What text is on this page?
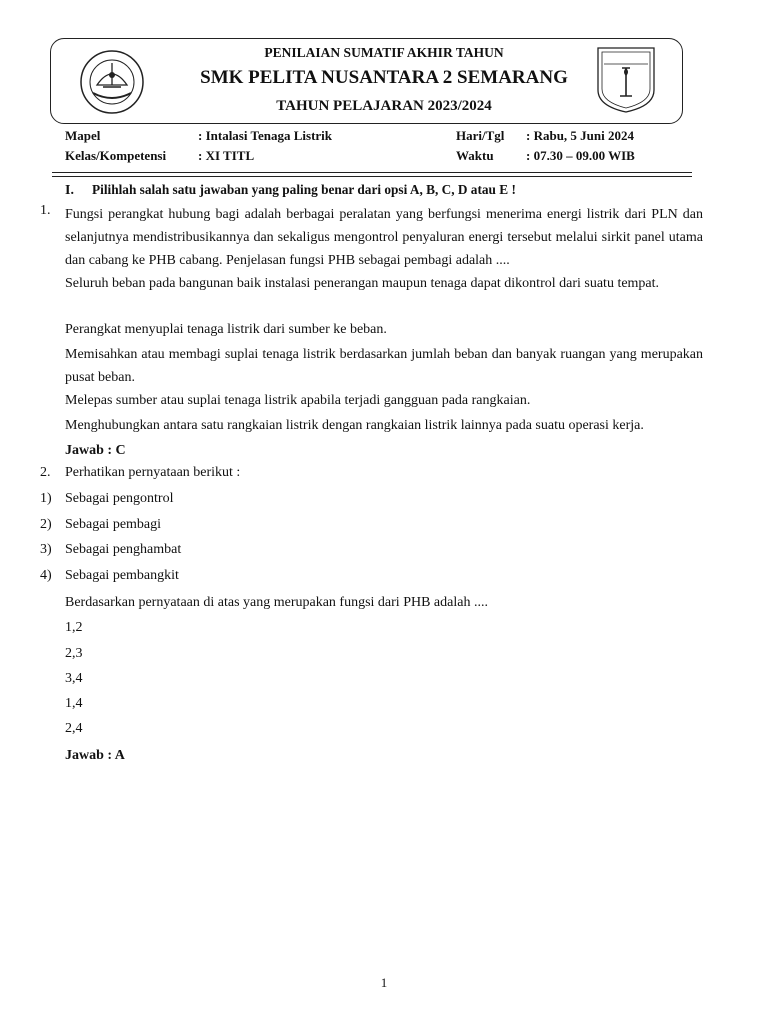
PENILAIAN SUMATIF AKHIR TAHUN
SMK PELITA NUSANTARA 2 SEMARANG
TAHUN PELAJARAN 2023/2024
Mapel	: Intalasi Tenaga Listrik	Hari/Tgl : Rabu, 5 Juni 2024
Kelas/Kompetensi : XI TITL	Waktu : 07.30 – 09.00 WIB
I. Pilihlah salah satu jawaban yang paling benar dari opsi A, B, C, D atau E !
1. Fungsi perangkat hubung bagi adalah berbagai peralatan yang berfungsi menerima energi listrik dari PLN dan selanjutnya mendistribusikannya dan sekaligus mengontrol penyaluran energi tersebut melalui sirkit panel utama dan cabang ke PHB cabang. Penjelasan fungsi PHB sebagai pembagi adalah ....
Seluruh beban pada bangunan baik instalasi penerangan maupun tenaga dapat dikontrol dari suatu tempat.
Perangkat menyuplai tenaga listrik dari sumber ke beban.
Memisahkan atau membagi suplai tenaga listrik berdasarkan jumlah beban dan banyak ruangan yang merupakan pusat beban.
Melepas sumber atau suplai tenaga listrik apabila terjadi gangguan pada rangkaian.
Menghubungkan antara satu rangkaian listrik dengan rangkaian listrik lainnya pada suatu operasi kerja.
Jawab : C
2. Perhatikan pernyataan berikut :
1) Sebagai pengontrol
2) Sebagai pembagi
3) Sebagai penghambat
4) Sebagai pembangkit
Berdasarkan pernyataan di atas yang merupakan fungsi dari PHB adalah ....
1,2
2,3
3,4
1,4
2,4
Jawab : A
1
